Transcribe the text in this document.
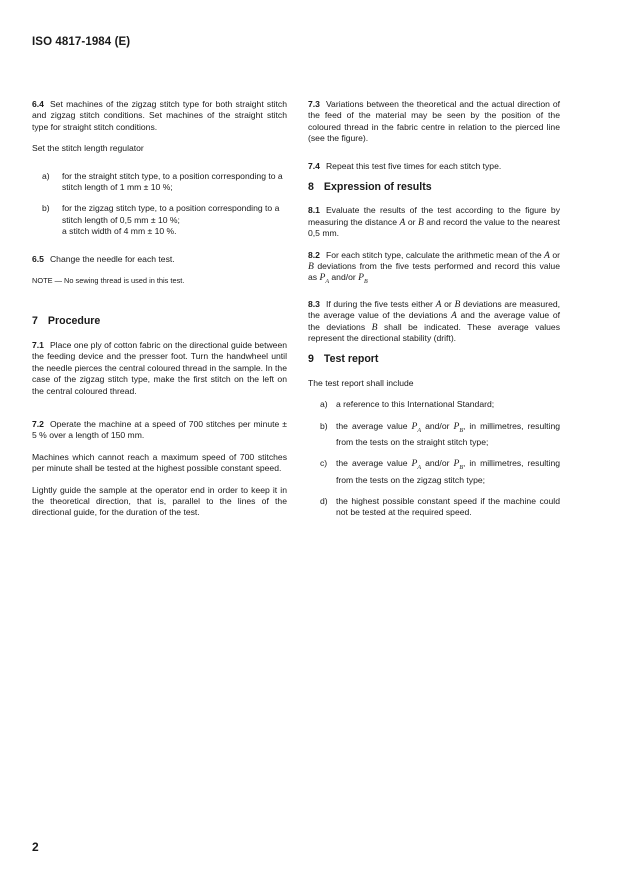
ISO 4817-1984 (E)

6.4 Set machines of the zigzag stitch type for both straight stitch and zigzag stitch conditions. Set machines of the straight stitch type for straight stitch conditions.

Set the stitch length regulator

a)	for the straight stitch type, to a position corresponding to a stitch length of 1 mm ± 10 %;
b)	for the zigzag stitch type, to a position corresponding to a stitch length of 0,5 mm ± 10 %;
a stitch width of 4 mm ± 10 %.

6.5 Change the needle for each test.

NOTE — No sewing thread is used in this test.

7 Procedure

7.1 Place one ply of cotton fabric on the directional guide between the feeding device and the presser foot. Turn the handwheel until the needle pierces the central coloured thread in the sample. In the case of the zigzag stitch type, make the first stitch on the left on the central coloured thread.

7.2 Operate the machine at a speed of 700 stitches per minute ± 5 % over a length of 150 mm.

Machines which cannot reach a maximum speed of 700 stitches per minute shall be tested at the highest possible constant speed.

Lightly guide the sample at the operator end in order to keep it in the theoretical direction, that is, parallel to the lines of the directional guide, for the duration of the test.

7.3 Variations between the theoretical and the actual direction of the feed of the material may be seen by the position of the coloured thread in the fabric centre in relation to the pierced line (see the figure).

7.4 Repeat this test five times for each stitch type.

8 Expression of results

8.1 Evaluate the results of the test according to the figure by measuring the distance A or B and record the value to the nearest 0,5 mm.

8.2 For each stitch type, calculate the arithmetic mean of the A or B deviations from the five tests performed and record this value as $P_A$ and/or $P_B$

8.3 If during the five tests either A or B deviations are measured, the average value of the deviations A and the average value of the deviations B shall be indicated. These average values represent the directional stability (drift).

9 Test report

The test report shall include

a) a reference to this International Standard;
b) the average value $P_A$ and/or $P_B$, in millimetres, resulting from the tests on the straight stitch type;
c)	the average value $P_A$ and/or $P_B$, in millimetres, resulting from the tests on the zigzag stitch type;
d) the highest possible constant speed if the machine could not be tested at the required speed.
2
